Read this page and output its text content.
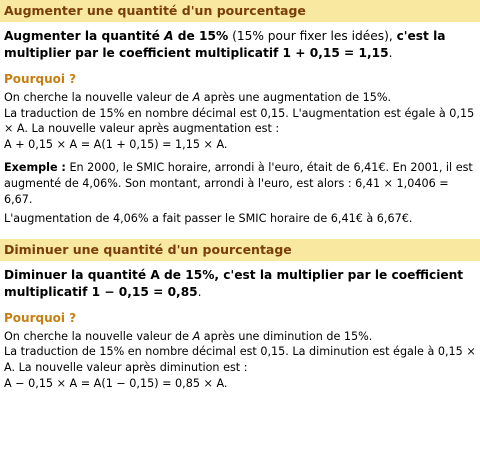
Augmenter une quantité d'un pourcentage
Augmenter la quantité A de 15% (15% pour fixer les idées), c'est la multiplier par le coefficient multiplicatif 1 + 0,15 = 1,15.
Pourquoi ?
On cherche la nouvelle valeur de A après une augmentation de 15%.
La traduction de 15% en nombre décimal est 0,15. L'augmentation est égale à 0,15 × A. La nouvelle valeur après augmentation est :
A + 0,15 × A = A(1 + 0,15) = 1,15 × A.
Exemple : En 2000, le SMIC horaire, arrondi à l'euro, était de 6,41€. En 2001, il est augmenté de 4,06%. Son montant, arrondi à l'euro, est alors : 6,41 × 1,0406 = 6,67.
L'augmentation de 4,06% a fait passer le SMIC horaire de 6,41€ à 6,67€.
Diminuer une quantité d'un pourcentage
Diminuer la quantité A de 15%, c'est la multiplier par le coefficient multiplicatif 1 − 0,15 = 0,85.
Pourquoi ?
On cherche la nouvelle valeur de A après une diminution de 15%.
La traduction de 15% en nombre décimal est 0,15. La diminution est égale à 0,15 × A. La nouvelle valeur après diminution est :
A − 0,15 × A = A(1 − 0,15) = 0,85 × A.
